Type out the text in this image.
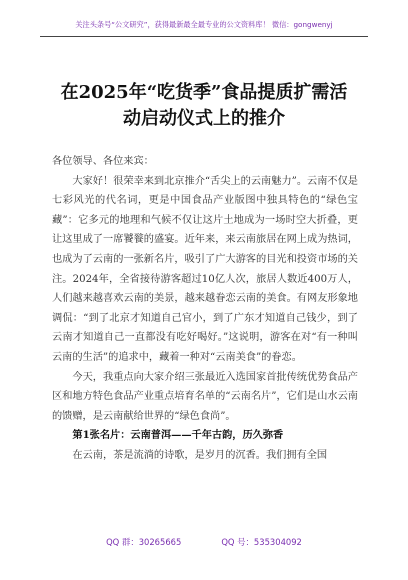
关注头条号“公文研究”，获得最新最全最专业的公文资料库！ 微信：gongwenyj
在2025年“吃货季”食品提质扩需活
动启动仪式上的推介

各位领导、各位来宾：

大家好！很荣幸来到北京推介“舌尖上的云南魅力”。云南不仅是七彩风光的代名词，更是中国食品产业版图中独具特色的“绿色宝藏”：它多元的地理和气候不仅让这片土地成为一场时空大折叠，更让这里成了一席饕餮的盛宴。近年来，来云南旅居在网上成为热词，也成为了云南的一张新名片，吸引了广大游客的目光和投资市场的关注。2024年，全省接待游客超过10亿人次，旅居人数近400万人，人们越来越喜欢云南的美景，越来越眷恋云南的美食。有网友形象地调侃：“到了北京才知道自己官小，到了广东才知道自己钱少，到了云南才知道自己一直都没有吃好喝好。”这说明，游客在对“有一种叫云南的生活”的追求中，藏着一种对“云南美食”的眷恋。

今天，我重点向大家介绍三张最近入选国家首批传统优势食品产区和地方特色食品产业重点培育名单的“云南名片”，它们是山水云南的馈赠，是云南献给世界的“绿色食尚”。

第1张名片：云南普洱——千年古韵，历久弥香

在云南，茶是流淌的诗歌，是岁月的沉香。我们拥有全国

QQ 群：30265665	QQ 号：535304092
